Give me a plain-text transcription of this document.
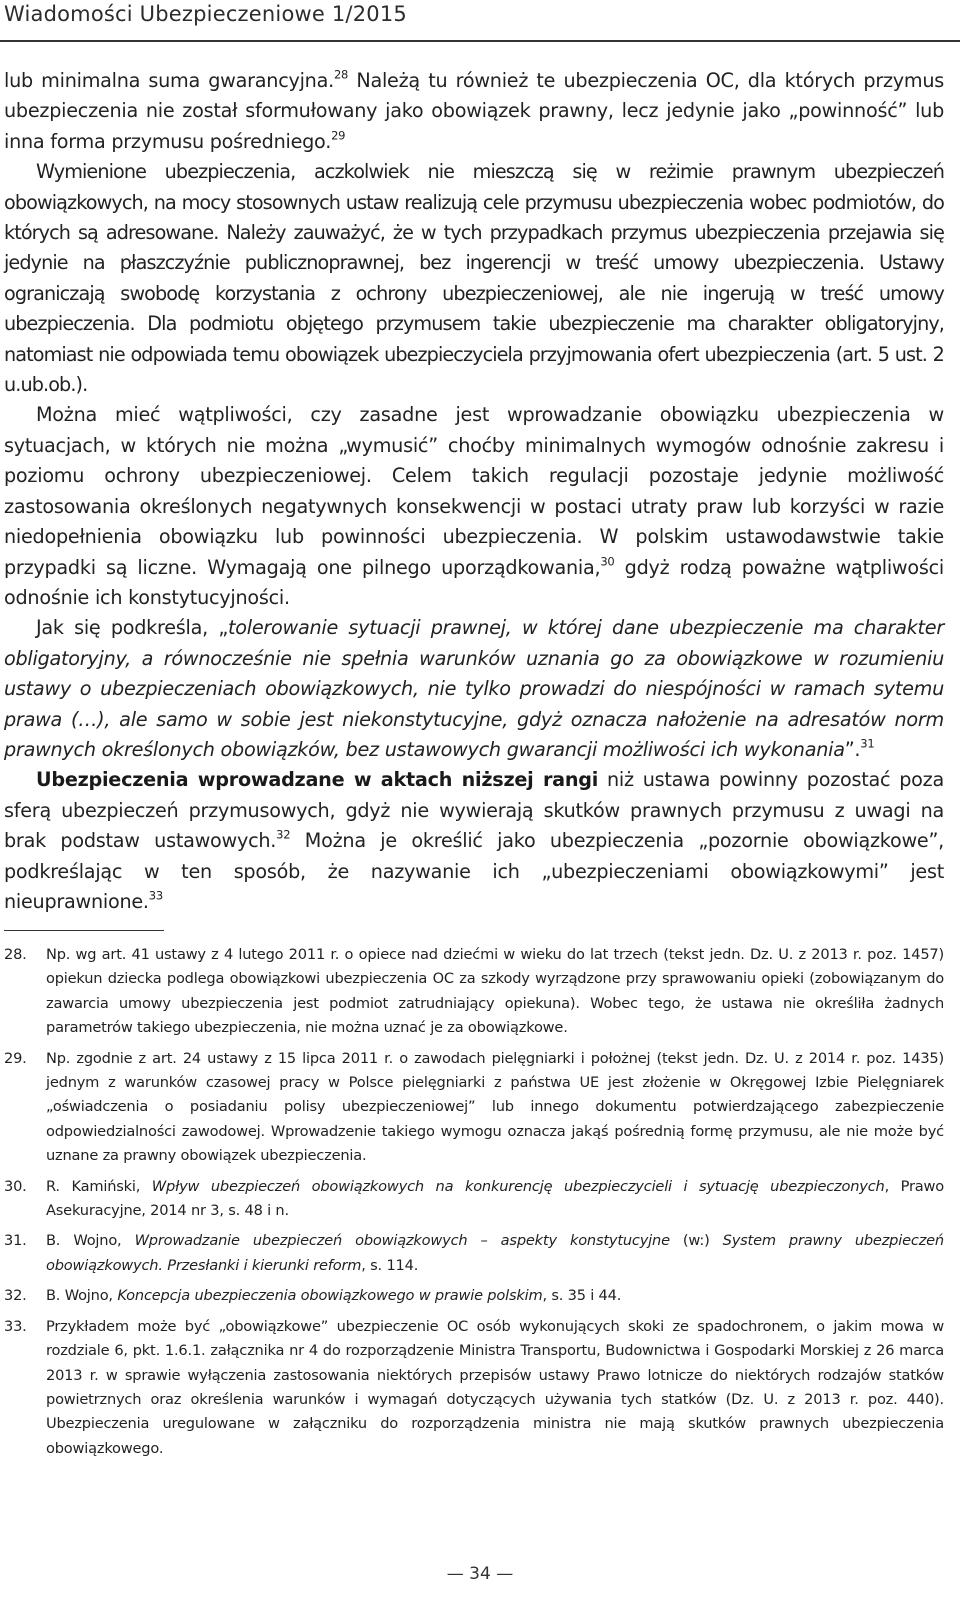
Wiadomości Ubezpieczeniowe 1/2015

lub minimalna suma gwarancyjna.$^{28}$ Należą tu również te ubezpieczenia OC, dla których przymus ubezpieczenia nie został sformułowany jako obowiązek prawny, lecz jedynie jako „powinność” lub inna forma przymusu pośredniego.$^{29}$

Wymienione ubezpieczenia, aczkolwiek nie mieszczą się w reżimie prawnym ubezpieczeń obowiązkowych, na mocy stosownych ustaw realizują cele przymusu ubezpieczenia wobec podmiotów, do których są adresowane. Należy zauważyć, że w tych przypadkach przymus ubezpieczenia przejawia się jedynie na płaszczyźnie publicznoprawnej, bez ingerencji w treść umowy ubezpieczenia. Ustawy ograniczają swobodę korzystania z ochrony ubezpieczeniowej, ale nie ingerują w treść umowy ubezpieczenia. Dla podmiotu objętego przymusem takie ubezpieczenie ma charakter obligatoryjny, natomiast nie odpowiada temu obowiązek ubezpieczyciela przyjmowania ofert ubezpieczenia (art. 5 ust. 2 u.ub.ob.).

Można mieć wątpliwości, czy zasadne jest wprowadzanie obowiązku ubezpieczenia w sytuacjach, w których nie można „wymusić” choćby minimalnych wymogów odnośnie zakresu i poziomu ochrony ubezpieczeniowej. Celem takich regulacji pozostaje jedynie możliwość zastosowania określonych negatywnych konsekwencji w postaci utraty praw lub korzyści w razie niedopełnienia obowiązku lub powinności ubezpieczenia. W polskim ustawodawstwie takie przypadki są liczne. Wymagają one pilnego uporządkowania,$^{30}$ gdyż rodzą poważne wątpliwości odnośnie ich konstytucyjności.

Jak się podkreśla, „tolerowanie sytuacji prawnej, w której dane ubezpieczenie ma charakter obligatoryjny, a równocześnie nie spełnia warunków uznania go za obowiązkowe w rozumieniu ustawy o ubezpieczeniach obowiązkowych, nie tylko prowadzi do niespójności w ramach sytemu prawa (…), ale samo w sobie jest niekonstytucyjne, gdyż oznacza nałożenie na adresatów norm prawnych określonych obowiązków, bez ustawowych gwarancji możliwości ich wykonania”.$^{31}$

Ubezpieczenia wprowadzane w aktach niższej rangi niż ustawa powinny pozostać poza sferą ubezpieczeń przymusowych, gdyż nie wywierają skutków prawnych przymusu z uwagi na brak podstaw ustawowych.$^{32}$ Można je określić jako ubezpieczenia „pozornie obowiązkowe”, podkreślając w ten sposób, że nazywanie ich „ubezpieczeniami obowiązkowymi” jest nieuprawnione.$^{33}$

28.	Np. wg art. 41 ustawy z 4 lutego 2011 r. o opiece nad dziećmi w wieku do lat trzech (tekst jedn. Dz. U. z 2013 r. poz. 1457) opiekun dziecka podlega obowiązkowi ubezpieczenia OC za szkody wyrządzone przy sprawowaniu opieki (zobowiązanym do zawarcia umowy ubezpieczenia jest podmiot zatrudniający opiekuna). Wobec tego, że ustawa nie określiła żadnych parametrów takiego ubezpieczenia, nie można uznać je za obowiązkowe.
29.	Np. zgodnie z art. 24 ustawy z 15 lipca 2011 r. o zawodach pielęgniarki i położnej (tekst jedn. Dz. U. z 2014 r. poz. 1435) jednym z warunków czasowej pracy w Polsce pielęgniarki z państwa UE jest złożenie w Okręgowej Izbie Pielęgniarek „oświadczenia o posiadaniu polisy ubezpieczeniowej” lub innego dokumentu potwierdzającego zabezpieczenie odpowiedzialności zawodowej. Wprowadzenie takiego wymogu oznacza jakąś pośrednią formę przymusu, ale nie może być uznane za prawny obowiązek ubezpieczenia.
30.	R. Kamiński, Wpływ ubezpieczeń obowiązkowych na konkurencję ubezpieczycieli i sytuację ubezpieczonych, Prawo Asekuracyjne, 2014 nr 3, s. 48 i n.
31.	B. Wojno, Wprowadzanie ubezpieczeń obowiązkowych – aspekty konstytucyjne (w:) System prawny ubezpieczeń obowiązkowych. Przesłanki i kierunki reform, s. 114.
32.	B. Wojno, Koncepcja ubezpieczenia obowiązkowego w prawie polskim, s. 35 i 44.
33.	Przykładem może być „obowiązkowe” ubezpieczenie OC osób wykonujących skoki ze spadochronem, o jakim mowa w rozdziale 6, pkt. 1.6.1. załącznika nr 4 do rozporządzenie Ministra Transportu, Budownictwa i Gospodarki Morskiej z 26 marca 2013 r. w sprawie wyłączenia zastosowania niektórych przepisów ustawy Prawo lotnicze do niektórych rodzajów statków powietrznych oraz określenia warunków i wymagań dotyczących używania tych statków (Dz. U. z 2013 r. poz. 440). Ubezpieczenia uregulowane w załączniku do rozporządzenia ministra nie mają skutków prawnych ubezpieczenia obowiązkowego.
— 34 —
